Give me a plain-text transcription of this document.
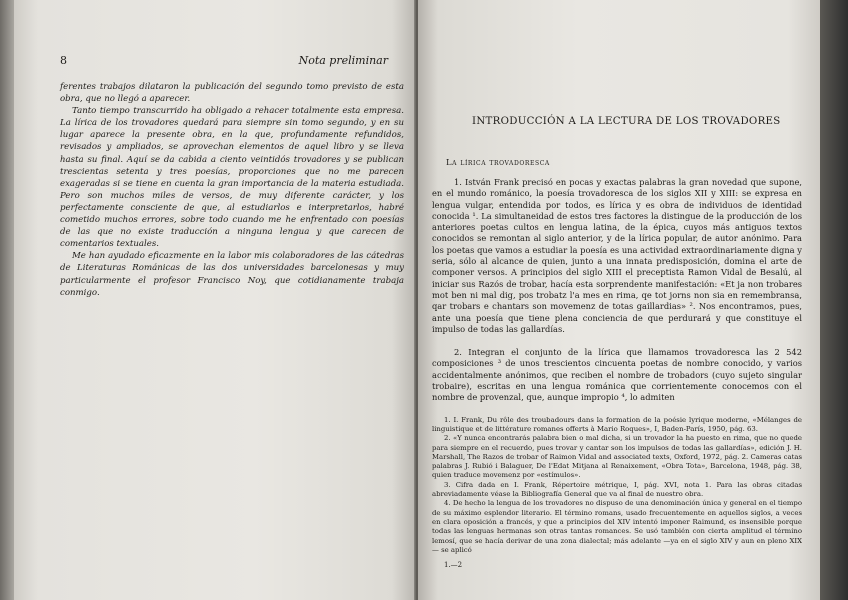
8	Nota preliminar

ferentes trabajos dilataron la publicación del segundo tomo previsto de esta obra, que no llegó a aparecer.

Tanto tiempo transcurrido ha obligado a rehacer totalmente esta empresa. La lírica de los trovadores quedará para siempre sin tomo segundo, y en su lugar aparece la presente obra, en la que, profundamente refundidos, revisados y ampliados, se aprovechan elementos de aquel libro y se lleva hasta su final. Aquí se da cabida a ciento veintidós trovadores y se publican trescientas setenta y tres poesías, proporciones que no me parecen exageradas si se tiene en cuenta la gran importancia de la materia estudiada. Pero son muchos miles de versos, de muy diferente carácter, y los perfectamente consciente de que, al estudiarlos e interpretarlos, habré cometido muchos errores, sobre todo cuando me he enfrentado con poesías de las que no existe traducción a ninguna lengua y que carecen de comentarios textuales.

Me han ayudado eficazmente en la labor mis colaboradores de las cátedras de Literaturas Románicas de las dos universidades barcelonesas y muy particularmente el profesor Francisco Noy, que cotidianamente trabaja conmigo.

INTRODUCCIÓN A LA LECTURA DE LOS TROVADORES
La lírica trovadoresca

1. István Frank precisó en pocas y exactas palabras la gran novedad que supone, en el mundo románico, la poesía trovadoresca de los siglos XII y XIII: se expresa en lengua vulgar, entendida por todos, es lírica y es obra de individuos de identidad conocida ¹. La simultaneidad de estos tres factores la distingue de la producción de los anteriores poetas cultos en lengua latina, de la épica, cuyos más antiguos textos conocidos se remontan al siglo anterior, y de la lírica popular, de autor anónimo. Para los poetas que vamos a estudiar la poesía es una actividad extraordinariamente digna y seria, sólo al alcance de quien, junto a una innata predisposición, domina el arte de componer versos. A principios del siglo XIII el preceptista Ramon Vidal de Besalú, al iniciar sus Razós de trobar, hacía esta sorprendente manifestación: «Et ja non trobares mot ben ni mal dig, pos trobatz l'a mes en rima, qe tot jorns non sia en remembransa, qar trobars e chantars son movemenz de totas gaillardias» ². Nos encontramos, pues, ante una poesía que tiene plena conciencia de que perdurará y que constituye el impulso de todas las gallardías.

2. Integran el conjunto de la lírica que llamamos trovadoresca las 2 542 composiciones ³ de unos trescientos cincuenta poetas de nombre conocido, y varios accidentalmente anónimos, que reciben el nombre de trobadors (cuyo sujeto singular trobaire), escritas en una lengua románica que corrientemente conocemos con el nombre de provenzal, que, aunque impropio ⁴, lo admiten

1. I. Frank, Du rôle des troubadours dans la formation de la poésie lyrique moderne, «Mélanges de linguistique et de littérature romanes offerts à Mario Roques», I, Baden-París, 1950, pág. 63.

2. «Y nunca encontrarás palabra bien o mal dicha, si un trovador la ha puesto en rima, que no quede para siempre en el recuerdo, pues trovar y cantar son los impulsos de todas las gallardías», edición J. H. Marshall, The Razos de trobar of Raimon Vidal and associated texts, Oxford, 1972, pág. 2. Cameras catas palabras J. Rubió i Balaguer, De l'Edat Mitjana al Renaixement, «Obra Tota», Barcelona, 1948, pág. 38, quien traduce movemenz por «estímulos».

3. Cifra dada en I. Frank, Répertoire métrique, I, pág. XVI, nota 1. Para las obras citadas abreviadamente véase la Bibliografía General que va al final de nuestro obra.

4. De hecho la lengua de los trovadores no dispuso de una denominación única y general en el tiempo de su máximo esplendor literario. El término romans, usado frecuentemente en aquellos siglos, a veces en clara oposición a francés, y que a principios del XIV intentó imponer Raimund, es insensible porque todas las lenguas hermanas son otras tantas romances. Se usó también con cierta amplitud el término lemosí, que se hacía derivar de una zona dialectal; más adelante —ya en el siglo XIV y aun en pleno XIX— se aplicó

1.—2
